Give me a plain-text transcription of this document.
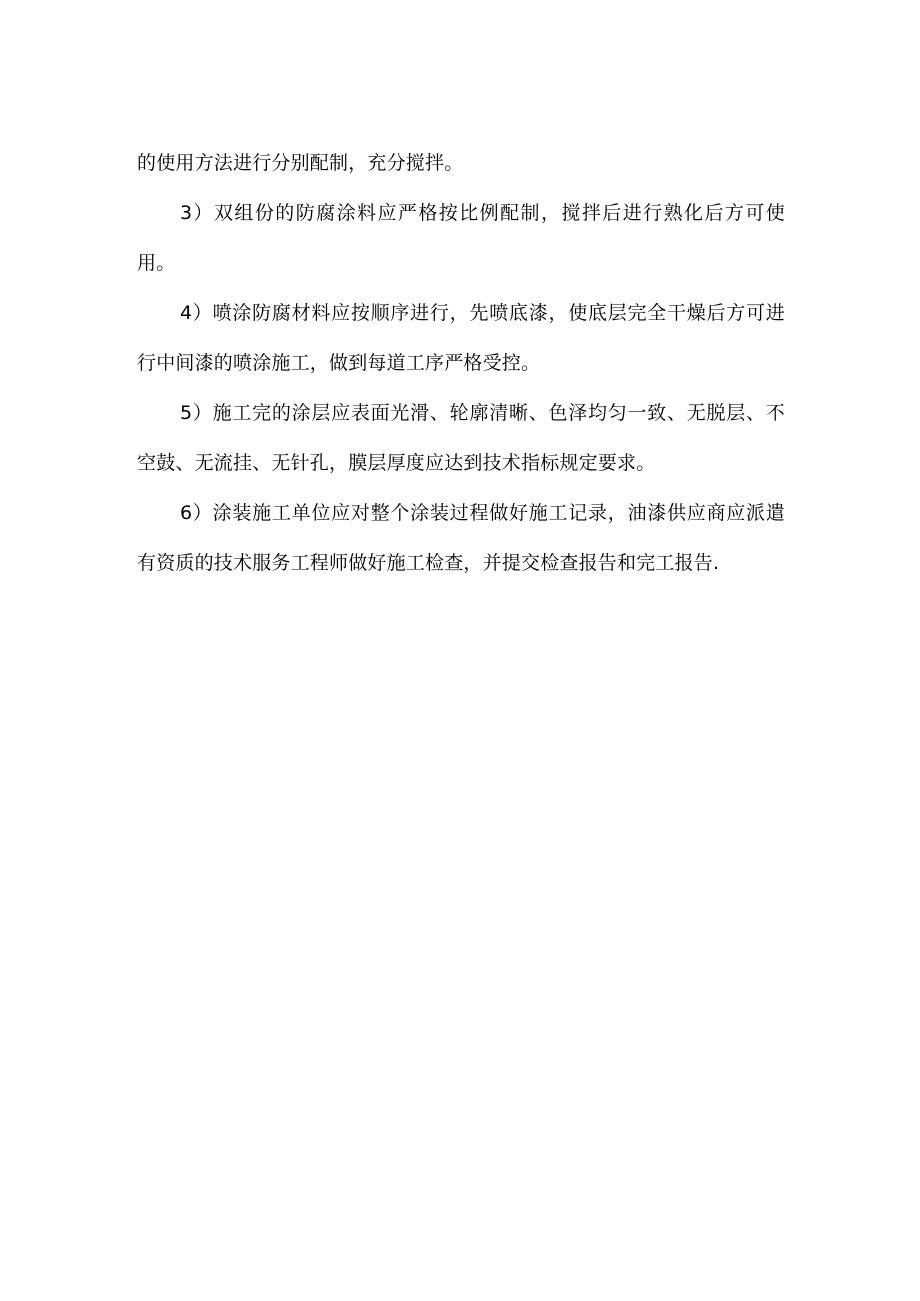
的使用方法进行分别配制，充分搅拌。

3）双组份的防腐涂料应严格按比例配制，搅拌后进行熟化后方可使用。

4）喷涂防腐材料应按顺序进行，先喷底漆，使底层完全干燥后方可进行中间漆的喷涂施工，做到每道工序严格受控。

5）施工完的涂层应表面光滑、轮廓清晰、色泽均匀一致、无脱层、不空鼓、无流挂、无针孔，膜层厚度应达到技术指标规定要求。

6）涂装施工单位应对整个涂装过程做好施工记录，油漆供应商应派遣有资质的技术服务工程师做好施工检查，并提交检查报告和完工报告.
